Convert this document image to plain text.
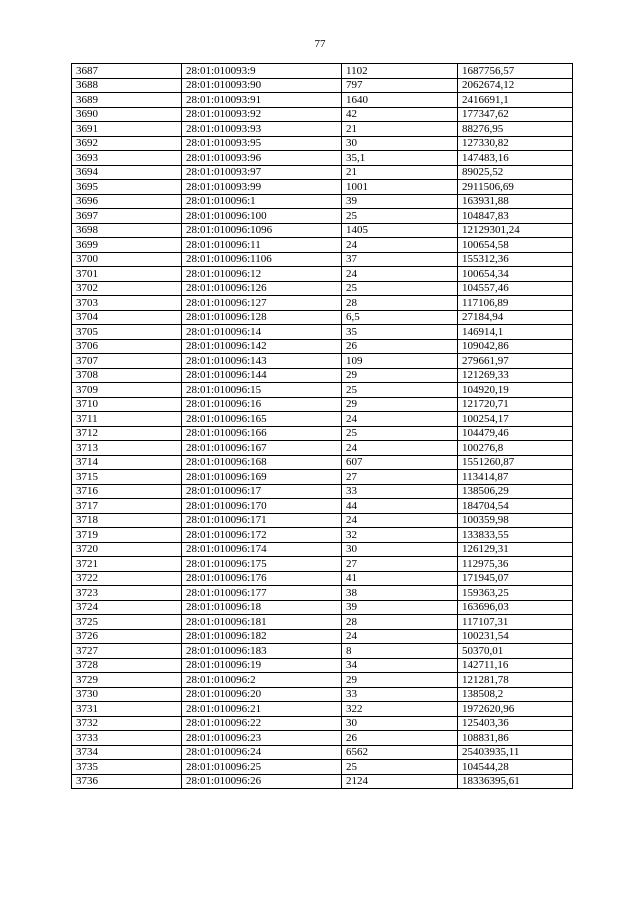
77
3687	28:01:010093:9	1102	1687756,57
3688	28:01:010093:90	797	2062674,12
3689	28:01:010093:91	1640	2416691,1
3690	28:01:010093:92	42	177347,62
3691	28:01:010093:93	21	88276,95
3692	28:01:010093:95	30	127330,82
3693	28:01:010093:96	35,1	147483,16
3694	28:01:010093:97	21	89025,52
3695	28:01:010093:99	1001	2911506,69
3696	28:01:010096:1	39	163931,88
3697	28:01:010096:100	25	104847,83
3698	28:01:010096:1096	1405	12129301,24
3699	28:01:010096:11	24	100654,58
3700	28:01:010096:1106	37	155312,36
3701	28:01:010096:12	24	100654,34
3702	28:01:010096:126	25	104557,46
3703	28:01:010096:127	28	117106,89
3704	28:01:010096:128	6,5	27184,94
3705	28:01:010096:14	35	146914,1
3706	28:01:010096:142	26	109042,86
3707	28:01:010096:143	109	279661,97
3708	28:01:010096:144	29	121269,33
3709	28:01:010096:15	25	104920,19
3710	28:01:010096:16	29	121720,71
3711	28:01:010096:165	24	100254,17
3712	28:01:010096:166	25	104479,46
3713	28:01:010096:167	24	100276,8
3714	28:01:010096:168	607	1551260,87
3715	28:01:010096:169	27	113414,87
3716	28:01:010096:17	33	138506,29
3717	28:01:010096:170	44	184704,54
3718	28:01:010096:171	24	100359,98
3719	28:01:010096:172	32	133833,55
3720	28:01:010096:174	30	126129,31
3721	28:01:010096:175	27	112975,36
3722	28:01:010096:176	41	171945,07
3723	28:01:010096:177	38	159363,25
3724	28:01:010096:18	39	163696,03
3725	28:01:010096:181	28	117107,31
3726	28:01:010096:182	24	100231,54
3727	28:01:010096:183	8	50370,01
3728	28:01:010096:19	34	142711,16
3729	28:01:010096:2	29	121281,78
3730	28:01:010096:20	33	138508,2
3731	28:01:010096:21	322	1972620,96
3732	28:01:010096:22	30	125403,36
3733	28:01:010096:23	26	108831,86
3734	28:01:010096:24	6562	25403935,11
3735	28:01:010096:25	25	104544,28
3736	28:01:010096:26	2124	18336395,61
